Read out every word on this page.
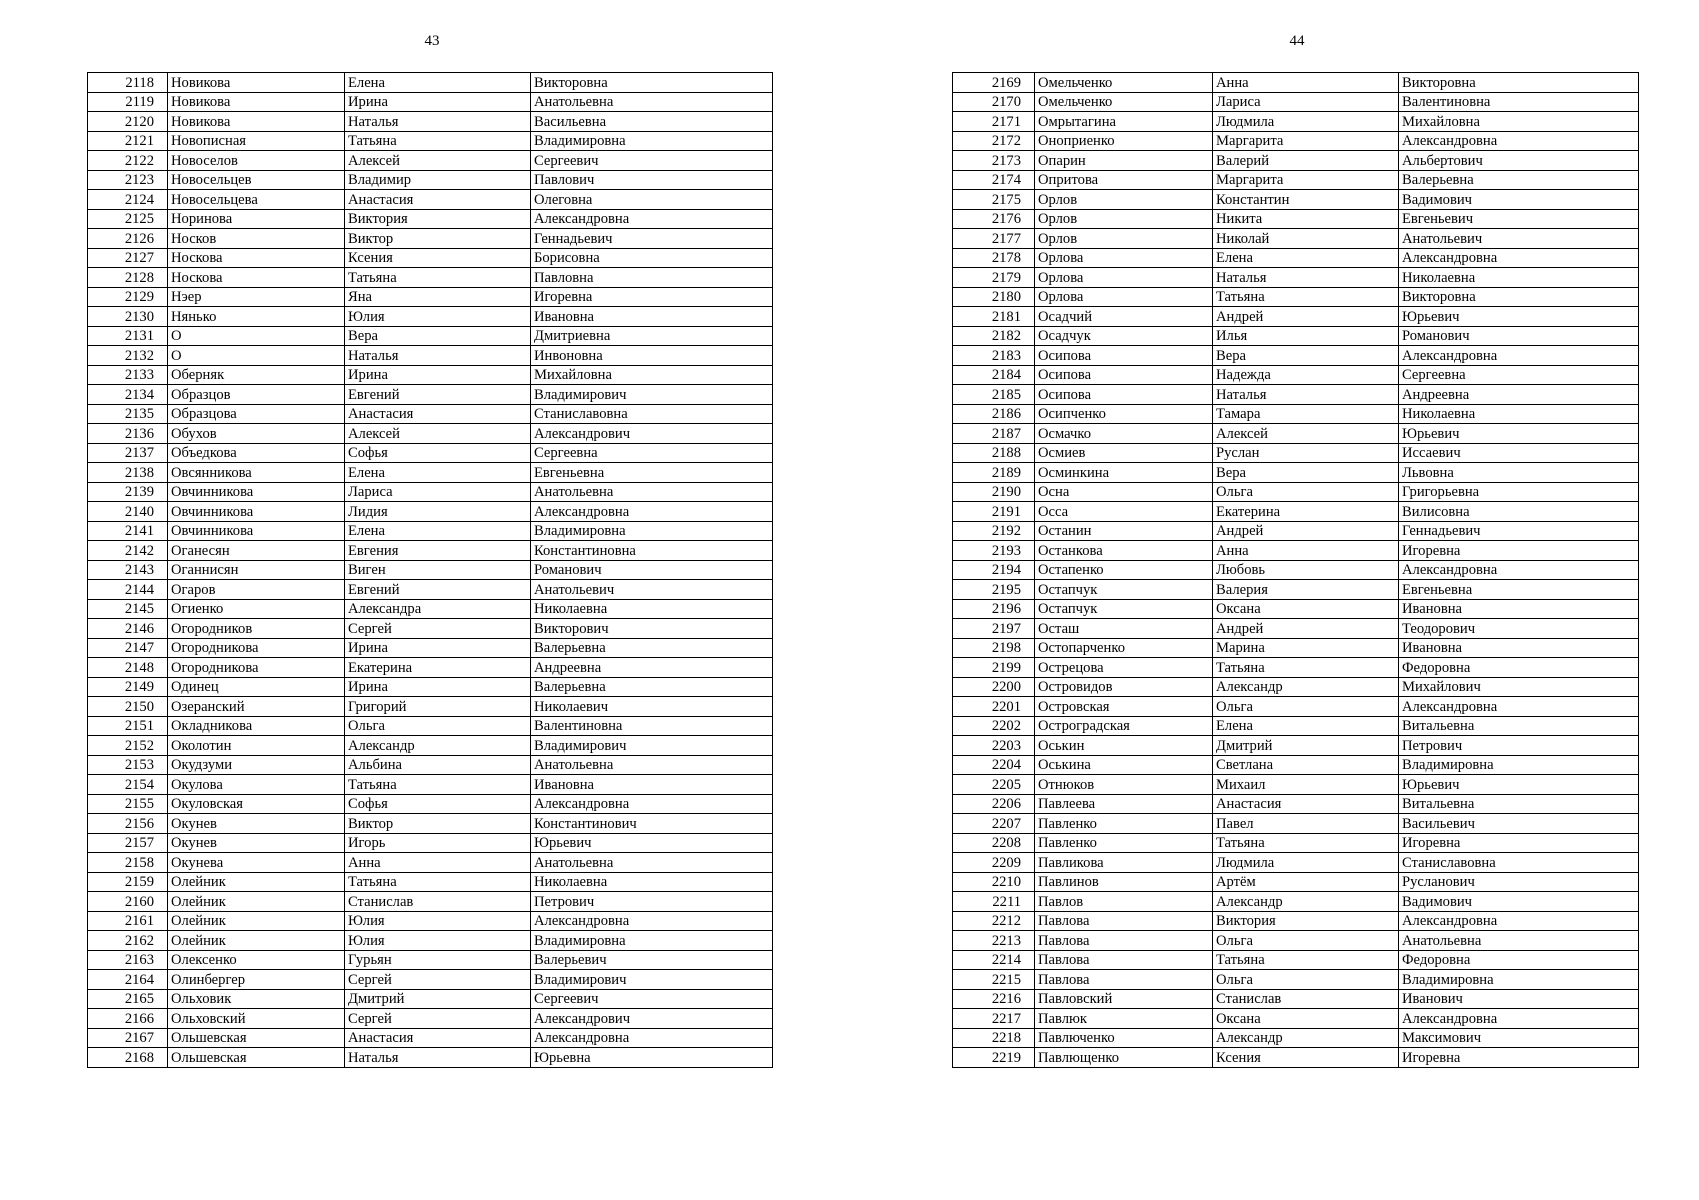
43
2118	Новикова	Елена	Викторовна
2119	Новикова	Ирина	Анатольевна
2120	Новикова	Наталья	Васильевна
2121	Новописная	Татьяна	Владимировна
2122	Новоселов	Алексей	Сергеевич
2123	Новосельцев	Владимир	Павлович
2124	Новосельцева	Анастасия	Олеговна
2125	Норинова	Виктория	Александровна
2126	Носков	Виктор	Геннадьевич
2127	Носкова	Ксения	Борисовна
2128	Носкова	Татьяна	Павловна
2129	Нэер	Яна	Игоревна
2130	Нянько	Юлия	Ивановна
2131	О	Вера	Дмитриевна
2132	О	Наталья	Инвоновна
2133	Оберняк	Ирина	Михайловна
2134	Образцов	Евгений	Владимирович
2135	Образцова	Анастасия	Станиславовна
2136	Обухов	Алексей	Александрович
2137	Объедкова	Софья	Сергеевна
2138	Овсянникова	Елена	Евгеньевна
2139	Овчинникова	Лариса	Анатольевна
2140	Овчинникова	Лидия	Александровна
2141	Овчинникова	Елена	Владимировна
2142	Оганесян	Евгения	Константиновна
2143	Оганнисян	Виген	Романович
2144	Огаров	Евгений	Анатольевич
2145	Огиенко	Александра	Николаевна
2146	Огородников	Сергей	Викторович
2147	Огородникова	Ирина	Валерьевна
2148	Огородникова	Екатерина	Андреевна
2149	Одинец	Ирина	Валерьевна
2150	Озеранский	Григорий	Николаевич
2151	Окладникова	Ольга	Валентиновна
2152	Околотин	Александр	Владимирович
2153	Окудзуми	Альбина	Анатольевна
2154	Окулова	Татьяна	Ивановна
2155	Окуловская	Софья	Александровна
2156	Окунев	Виктор	Константинович
2157	Окунев	Игорь	Юрьевич
2158	Окунева	Анна	Анатольевна
2159	Олейник	Татьяна	Николаевна
2160	Олейник	Станислав	Петрович
2161	Олейник	Юлия	Александровна
2162	Олейник	Юлия	Владимировна
2163	Олексенко	Гурьян	Валерьевич
2164	Олинбергер	Сергей	Владимирович
2165	Ольховик	Дмитрий	Сергеевич
2166	Ольховский	Сергей	Александрович
2167	Ольшевская	Анастасия	Александровна
2168	Ольшевская	Наталья	Юрьевна
44
2169	Омельченко	Анна	Викторовна
2170	Омельченко	Лариса	Валентиновна
2171	Омрытагина	Людмила	Михайловна
2172	Оноприенко	Маргарита	Александровна
2173	Опарин	Валерий	Альбертович
2174	Опритова	Маргарита	Валерьевна
2175	Орлов	Константин	Вадимович
2176	Орлов	Никита	Евгеньевич
2177	Орлов	Николай	Анатольевич
2178	Орлова	Елена	Александровна
2179	Орлова	Наталья	Николаевна
2180	Орлова	Татьяна	Викторовна
2181	Осадчий	Андрей	Юрьевич
2182	Осадчук	Илья	Романович
2183	Осипова	Вера	Александровна
2184	Осипова	Надежда	Сергеевна
2185	Осипова	Наталья	Андреевна
2186	Осипченко	Тамара	Николаевна
2187	Осмачко	Алексей	Юрьевич
2188	Осмиев	Руслан	Иссаевич
2189	Осминкина	Вера	Львовна
2190	Осна	Ольга	Григорьевна
2191	Осса	Екатерина	Вилисовна
2192	Останин	Андрей	Геннадьевич
2193	Останкова	Анна	Игоревна
2194	Остапенко	Любовь	Александровна
2195	Остапчук	Валерия	Евгеньевна
2196	Остапчук	Оксана	Ивановна
2197	Осташ	Андрей	Теодорович
2198	Остопарченко	Марина	Ивановна
2199	Острецова	Татьяна	Федоровна
2200	Островидов	Александр	Михайлович
2201	Островская	Ольга	Александровна
2202	Остроградская	Елена	Витальевна
2203	Оськин	Дмитрий	Петрович
2204	Оськина	Светлана	Владимировна
2205	Отнюков	Михаил	Юрьевич
2206	Павлеева	Анастасия	Витальевна
2207	Павленко	Павел	Васильевич
2208	Павленко	Татьяна	Игоревна
2209	Павликова	Людмила	Станиславовна
2210	Павлинов	Артём	Русланович
2211	Павлов	Александр	Вадимович
2212	Павлова	Виктория	Александровна
2213	Павлова	Ольга	Анатольевна
2214	Павлова	Татьяна	Федоровна
2215	Павлова	Ольга	Владимировна
2216	Павловский	Станислав	Иванович
2217	Павлюк	Оксана	Александровна
2218	Павлюченко	Александр	Максимович
2219	Павлющенко	Ксения	Игоревна
